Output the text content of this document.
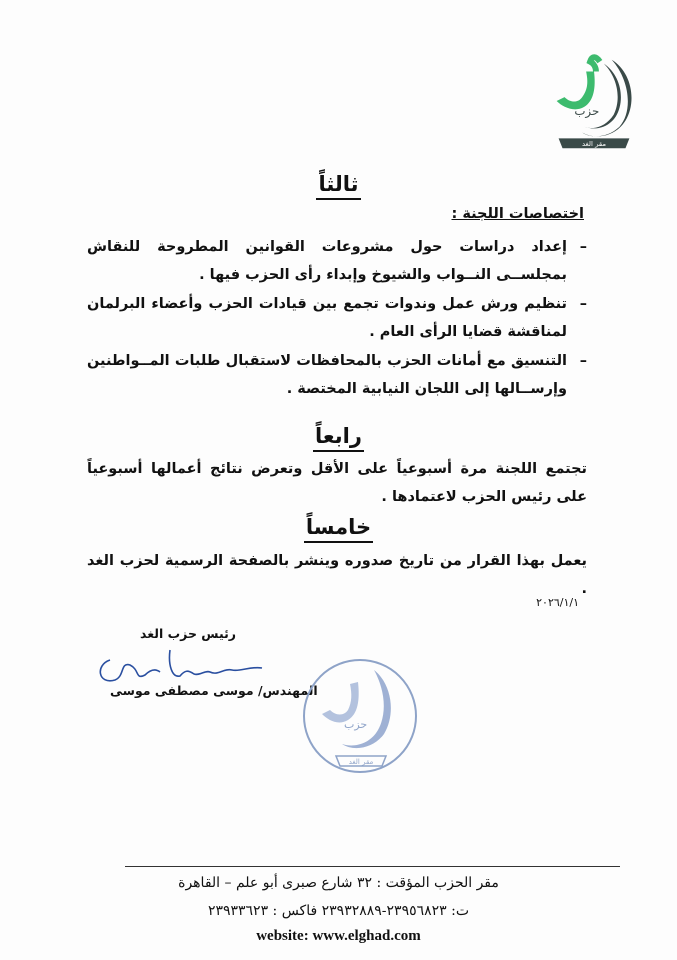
حزب
مقر الغد
ثالثاً
اختصاصات اللجنة :
–
إعداد دراسات حول مشروعات القوانين المطروحة للنقاش بمجلســى النــواب والشيوخ وإبداء رأى الحزب فيها .
–
تنظيم ورش عمل وندوات تجمع بين قيادات الحزب وأعضاء البرلمان لمناقشة قضايا الرأى العام .
–
التنسيق مع أمانات الحزب بالمحافظات لاستقبال طلبات المــواطنين وإرســالها إلى اللجان النيابية المختصة .
رابعاً
تجتمع اللجنة مرة أسبوعياً على الأقل وتعرض نتائج أعمالها أسبوعياً على رئيس الحزب لاعتمادها .
خامساً
يعمل بهذا القرار من تاريخ صدوره وينشر بالصفحة الرسمية لحزب الغد .
٢٠٢٦/١/١
رئيس حزب الغد
المهندس/ موسى مصطفى موسى
حزب
مقر الغد
مقر الحزب المؤقت : ٣٢ شارع صبرى أبو علم – القاهرة
ت: ٢٣٩٥٦٨٢٣-٢٣٩٣٢٨٨٩ فاكس : ٢٣٩٣٣٦٢٣
website: www.elghad.com
